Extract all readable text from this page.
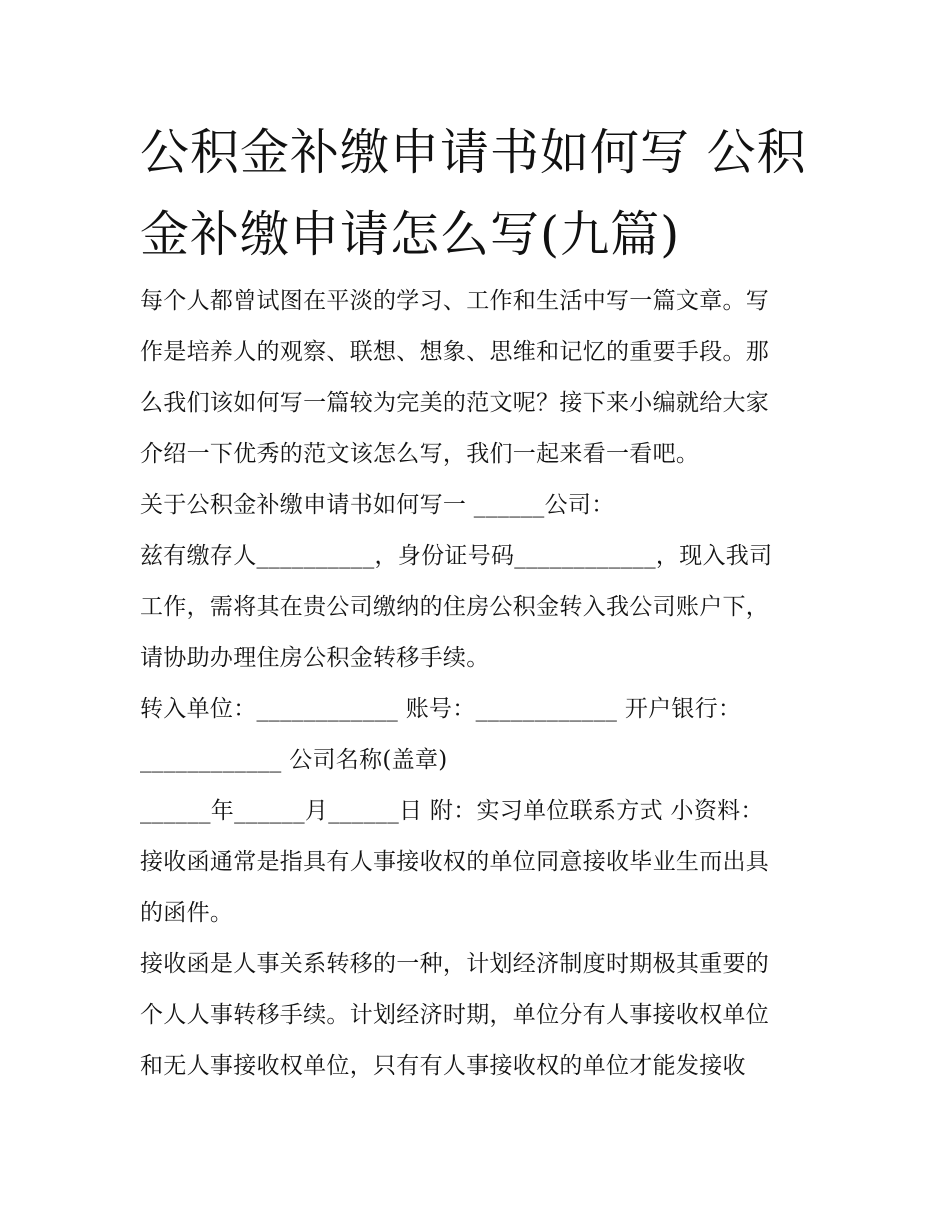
公积金补缴申请书如何写 公积
金补缴申请怎么写(九篇)
每个人都曾试图在平淡的学习、工作和生活中写一篇文章。写
作是培养人的观察、联想、想象、思维和记忆的重要手段。那
么我们该如何写一篇较为完美的范文呢？接下来小编就给大家
介绍一下优秀的范文该怎么写，我们一起来看一看吧。
关于公积金补缴申请书如何写一 ______公司：
兹有缴存人__________，身份证号码____________，现入我司
工作，需将其在贵公司缴纳的住房公积金转入我公司账户下，
请协助办理住房公积金转移手续。
转入单位：____________ 账号：____________ 开户银行：
____________ 公司名称(盖章)
______年______月______日 附：实习单位联系方式 小资料：
接收函通常是指具有人事接收权的单位同意接收毕业生而出具
的函件。
接收函是人事关系转移的一种，计划经济制度时期极其重要的
个人人事转移手续。计划经济时期，单位分有人事接收权单位
和无人事接收权单位，只有有人事接收权的单位才能发接收
